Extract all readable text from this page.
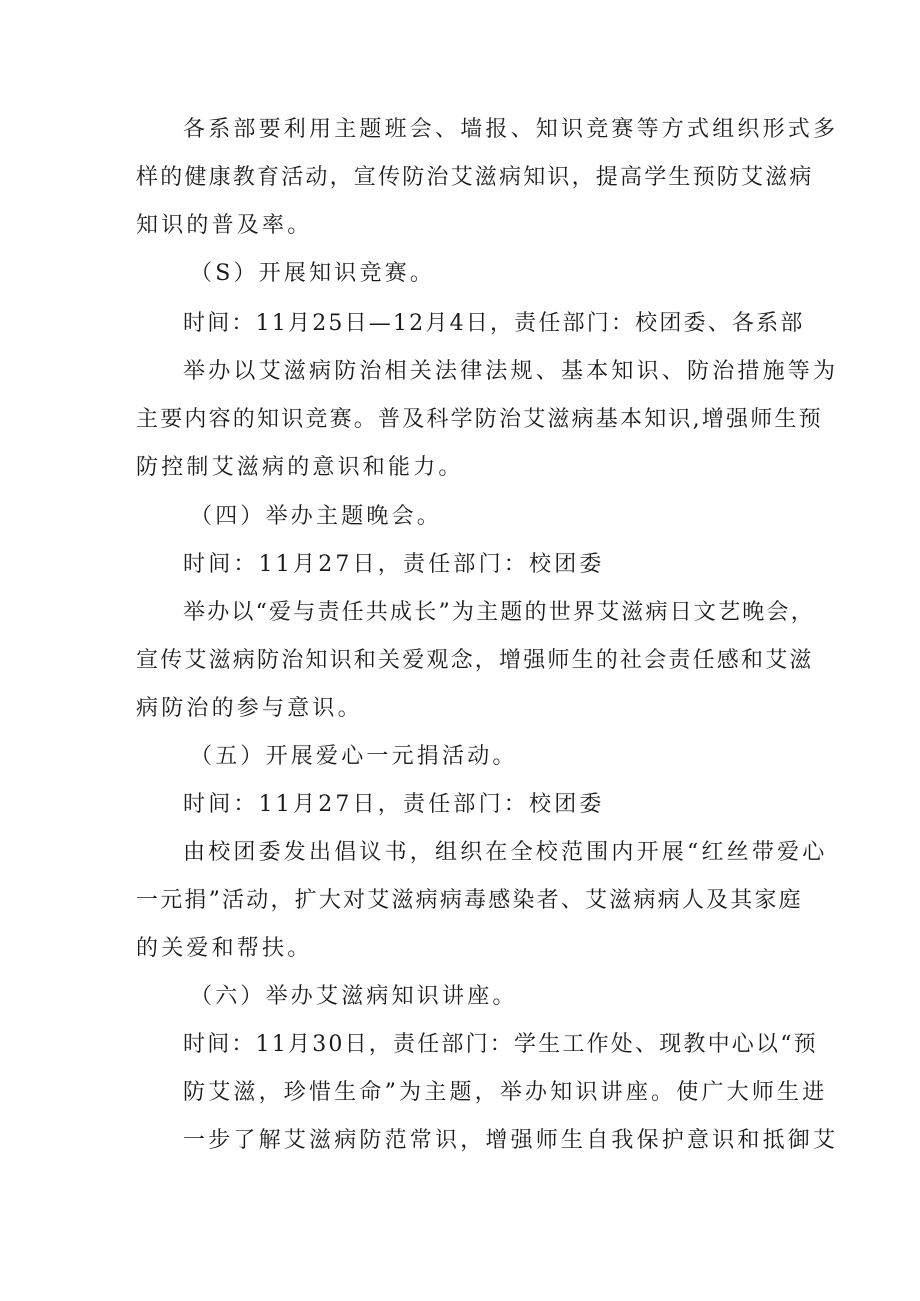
各系部要利用主题班会、墙报、知识竞赛等方式组织形式多

样的健康教育活动，宣传防治艾滋病知识，提高学生预防艾滋病

知识的普及率。

（S）开展知识竞赛。

时间：11月25日—12月4日，责任部门：校团委、各系部

举办以艾滋病防治相关法律法规、基本知识、防治措施等为

主要内容的知识竞赛。普及科学防治艾滋病基本知识,增强师生预

防控制艾滋病的意识和能力。

（四）举办主题晚会。

时间：11月27日，责任部门：校团委

举办以“爱与责任共成长”为主题的世界艾滋病日文艺晚会，

宣传艾滋病防治知识和关爱观念，增强师生的社会责任感和艾滋

病防治的参与意识。

（五）开展爱心一元捐活动。

时间：11月27日，责任部门：校团委

由校团委发出倡议书，组织在全校范围内开展“红丝带爱心

一元捐”活动，扩大对艾滋病病毒感染者、艾滋病病人及其家庭

的关爱和帮扶。

（六）举办艾滋病知识讲座。

时间：11月30日，责任部门：学生工作处、现教中心以“预

防艾滋，珍惜生命”为主题，举办知识讲座。使广大师生进

一步了解艾滋病防范常识，增强师生自我保护意识和抵御艾
